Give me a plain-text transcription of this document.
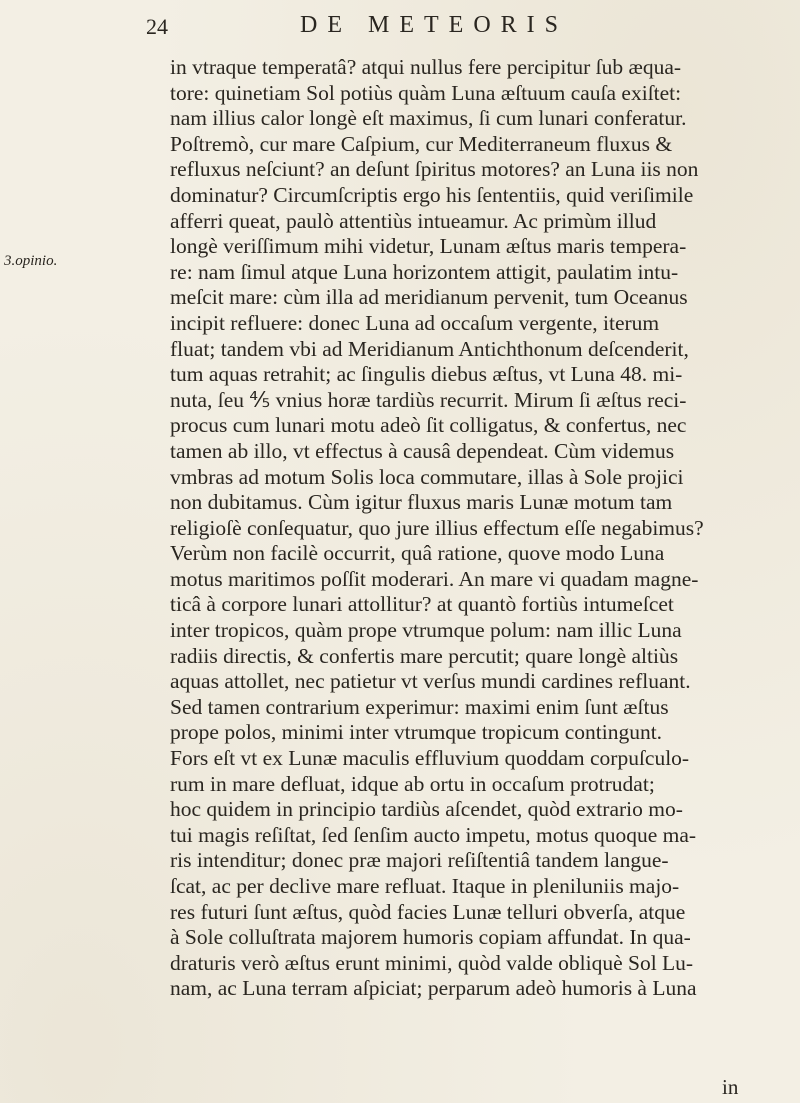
24	DE METEORIS
3.opinio.
in vtraque temperatâ? atqui nullus fere percipitur ſub æqua-
tore: quinetiam Sol potiùs quàm Luna æſtuum cauſa exiſtet:
nam illius calor longè eſt maximus, ſi cum lunari conferatur.
Poſtremò, cur mare Caſpium, cur Mediterraneum fluxus &
refluxus neſciunt? an deſunt ſpiritus motores? an Luna iis non
dominatur? Circumſcriptis ergo his ſententiis, quid veriſimile
afferri queat, paulò attentiùs intueamur. Ac primùm illud
longè veriſſimum mihi videtur, Lunam æſtus maris tempera-
re: nam ſimul atque Luna horizontem attigit, paulatim intu-
meſcit mare: cùm illa ad meridianum pervenit, tum Oceanus
incipit refluere: donec Luna ad occaſum vergente, iterum
fluat; tandem vbi ad Meridianum Antichthonum deſcenderit,
tum aquas retrahit; ac ſingulis diebus æſtus, vt Luna 48. mi-
nuta, ſeu ⅘ vnius horæ tardiùs recurrit. Mirum ſi æſtus reci-
procus cum lunari motu adeò ſit colligatus, & confertus, nec
tamen ab illo, vt effectus à causâ dependeat. Cùm videmus
vmbras ad motum Solis loca commutare, illas à Sole projici
non dubitamus. Cùm igitur fluxus maris Lunæ motum tam
religioſè conſequatur, quo jure illius effectum eſſe negabimus?
Verùm non facilè occurrit, quâ ratione, quove modo Luna
motus maritimos poſſit moderari. An mare vi quadam magne-
ticâ à corpore lunari attollitur? at quantò fortiùs intumeſcet
inter tropicos, quàm prope vtrumque polum: nam illic Luna
radiis directis, & confertis mare percutit; quare longè altiùs
aquas attollet, nec patietur vt verſus mundi cardines refluant.
Sed tamen contrarium experimur: maximi enim ſunt æſtus
prope polos, minimi inter vtrumque tropicum contingunt.
Fors eſt vt ex Lunæ maculis effluvium quoddam corpuſculo-
rum in mare defluat, idque ab ortu in occaſum protrudat;
hoc quidem in principio tardiùs aſcendet, quòd extrario mo-
tui magis reſiſtat, ſed ſenſim aucto impetu, motus quoque ma-
ris intenditur; donec præ majori reſiſtentiâ tandem langue-
ſcat, ac per declive mare refluat. Itaque in pleniluniis majo-
res futuri ſunt æſtus, quòd facies Lunæ telluri obverſa, atque
à Sole colluſtrata majorem humoris copiam affundat. In qua-
draturis verò æſtus erunt minimi, quòd valde obliquè Sol Lu-
nam, ac Luna terram aſpiciat; perparum adeò humoris à Luna
in
